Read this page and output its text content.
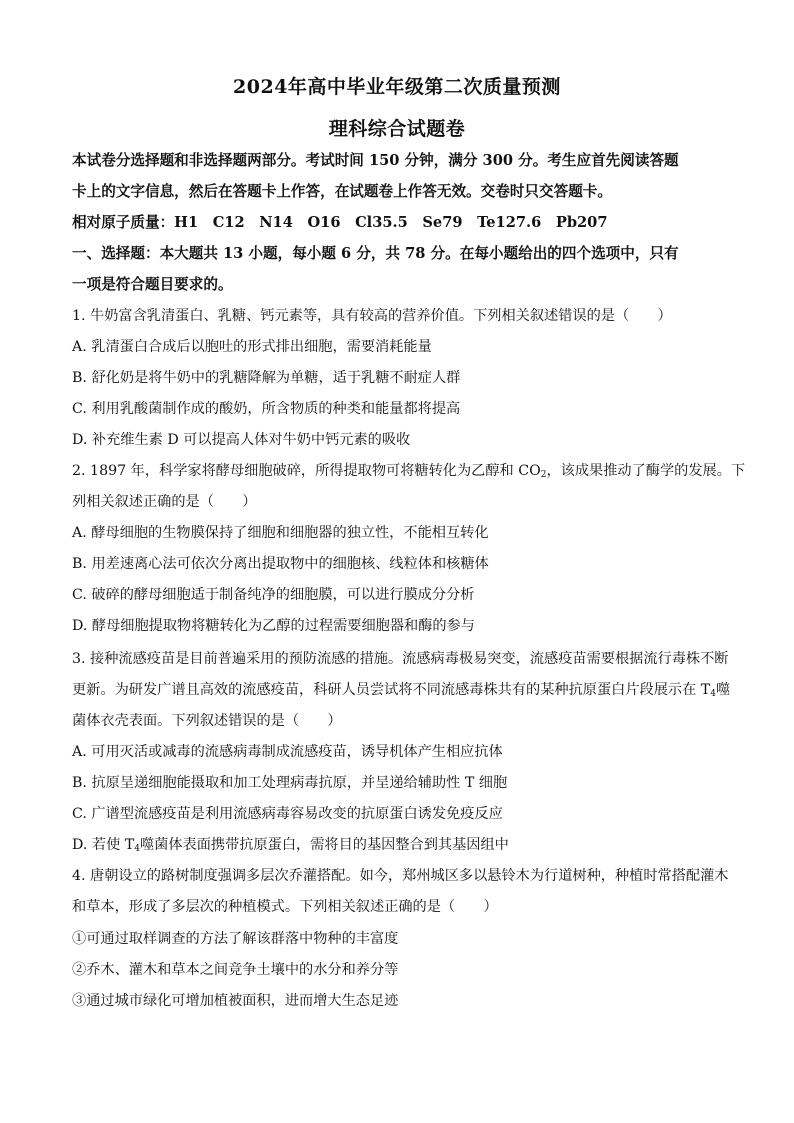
2024年高中毕业年级第二次质量预测
理科综合试题卷
本试卷分选择题和非选择题两部分。考试时间 150 分钟，满分 300 分。考生应首先阅读答题
卡上的文字信息，然后在答题卡上作答，在试题卷上作答无效。交卷时只交答题卡。
相对原子质量：H1　C12　N14　O16　Cl35.5　Se79　Te127.6　Pb207
一、选择题：本大题共 13 小题，每小题 6 分，共 78 分。在每小题给出的四个选项中，只有
一项是符合题目要求的。
1. 牛奶富含乳清蛋白、乳糖、钙元素等，具有较高的营养价值。下列相关叙述错误的是（　　）
A. 乳清蛋白合成后以胞吐的形式排出细胞，需要消耗能量
B. 舒化奶是将牛奶中的乳糖降解为单糖，适于乳糖不耐症人群
C. 利用乳酸菌制作成的酸奶，所含物质的种类和能量都将提高
D. 补充维生素 D 可以提高人体对牛奶中钙元素的吸收
2. 1897 年，科学家将酵母细胞破碎，所得提取物可将糖转化为乙醇和 $CO_2$，该成果推动了酶学的发展。下
列相关叙述正确的是（　　）
A. 酵母细胞的生物膜保持了细胞和细胞器的独立性，不能相互转化
B. 用差速离心法可依次分离出提取物中的细胞核、线粒体和核糖体
C. 破碎的酵母细胞适于制备纯净的细胞膜，可以进行膜成分分析
D. 酵母细胞提取物将糖转化为乙醇的过程需要细胞器和酶的参与
3. 接种流感疫苗是目前普遍采用的预防流感的措施。流感病毒极易突变，流感疫苗需要根据流行毒株不断
更新。为研发广谱且高效的流感疫苗，科研人员尝试将不同流感毒株共有的某种抗原蛋白片段展示在 $T_4$噬
菌体衣壳表面。下列叙述错误的是（　　）
A. 可用灭活或减毒的流感病毒制成流感疫苗，诱导机体产生相应抗体
B. 抗原呈递细胞能摄取和加工处理病毒抗原，并呈递给辅助性 T 细胞
C. 广谱型流感疫苗是利用流感病毒容易改变的抗原蛋白诱发免疫反应
D. 若使 $T_4$噬菌体表面携带抗原蛋白，需将目的基因整合到其基因组中
4. 唐朝设立的路树制度强调多层次乔灌搭配。如今，郑州城区多以悬铃木为行道树种，种植时常搭配灌木
和草本，形成了多层次的种植模式。下列相关叙述正确的是（　　）
①可通过取样调查的方法了解该群落中物种的丰富度
②乔木、灌木和草本之间竞争土壤中的水分和养分等
③通过城市绿化可增加植被面积，进而增大生态足迹
